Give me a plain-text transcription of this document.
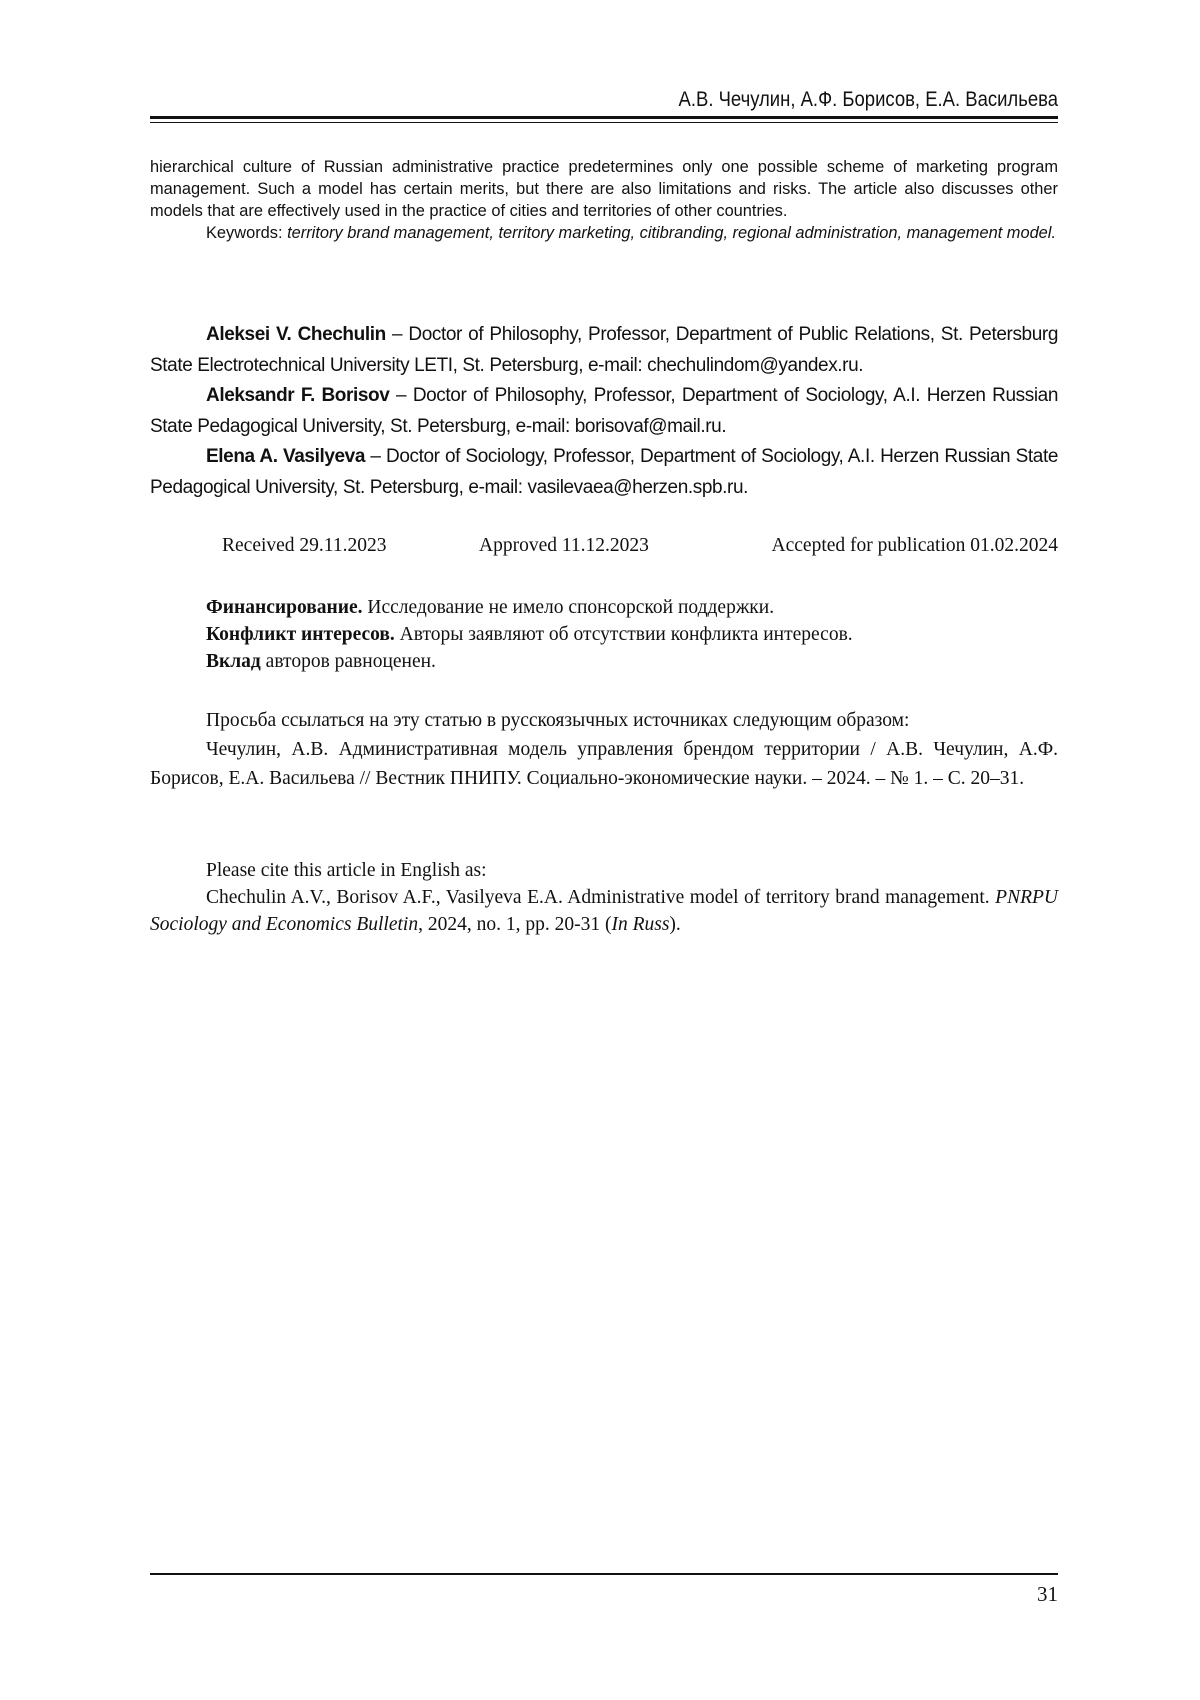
А.В. Чечулин, А.Ф. Борисов, Е.А. Васильева

hierarchical culture of Russian administrative practice predetermines only one possible scheme of marketing program management. Such a model has certain merits, but there are also limitations and risks. The article also discusses other models that are effectively used in the practice of cities and territories of other countries.

Keywords: territory brand management, territory marketing, citibranding, regional administration, management model.

Aleksei V. Chechulin – Doctor of Philosophy, Professor, Department of Public Relations, St. Petersburg State Electrotechnical University LETI, St. Petersburg, e-mail: chechulindom@yandex.ru.

Aleksandr F. Borisov – Doctor of Philosophy, Professor, Department of Sociology, A.I. Herzen Russian State Pedagogical University, St. Petersburg, e-mail: borisovaf@mail.ru.

Elena A. Vasilyeva – Doctor of Sociology, Professor, Department of Sociology, A.I. Herzen Russian State Pedagogical University, St. Petersburg, e-mail: vasilevaea@herzen.spb.ru.

Received 29.11.2023	Approved 11.12.2023	Accepted for publication 01.02.2024

Финансирование. Исследование не имело спонсорской поддержки.

Конфликт интересов. Авторы заявляют об отсутствии конфликта интересов.

Вклад авторов равноценен.

Просьба ссылаться на эту статью в русскоязычных источниках следующим образом:

Чечулин, А.В. Административная модель управления брендом территории / А.В. Чечулин, А.Ф. Борисов, Е.А. Васильева // Вестник ПНИПУ. Социально-экономические науки. – 2024. – № 1. – С. 20–31.

Please cite this article in English as:

Chechulin A.V., Borisov A.F., Vasilyeva E.A. Administrative model of territory brand management. PNRPU Sociology and Economics Bulletin, 2024, no. 1, pp. 20-31 (In Russ).

31
